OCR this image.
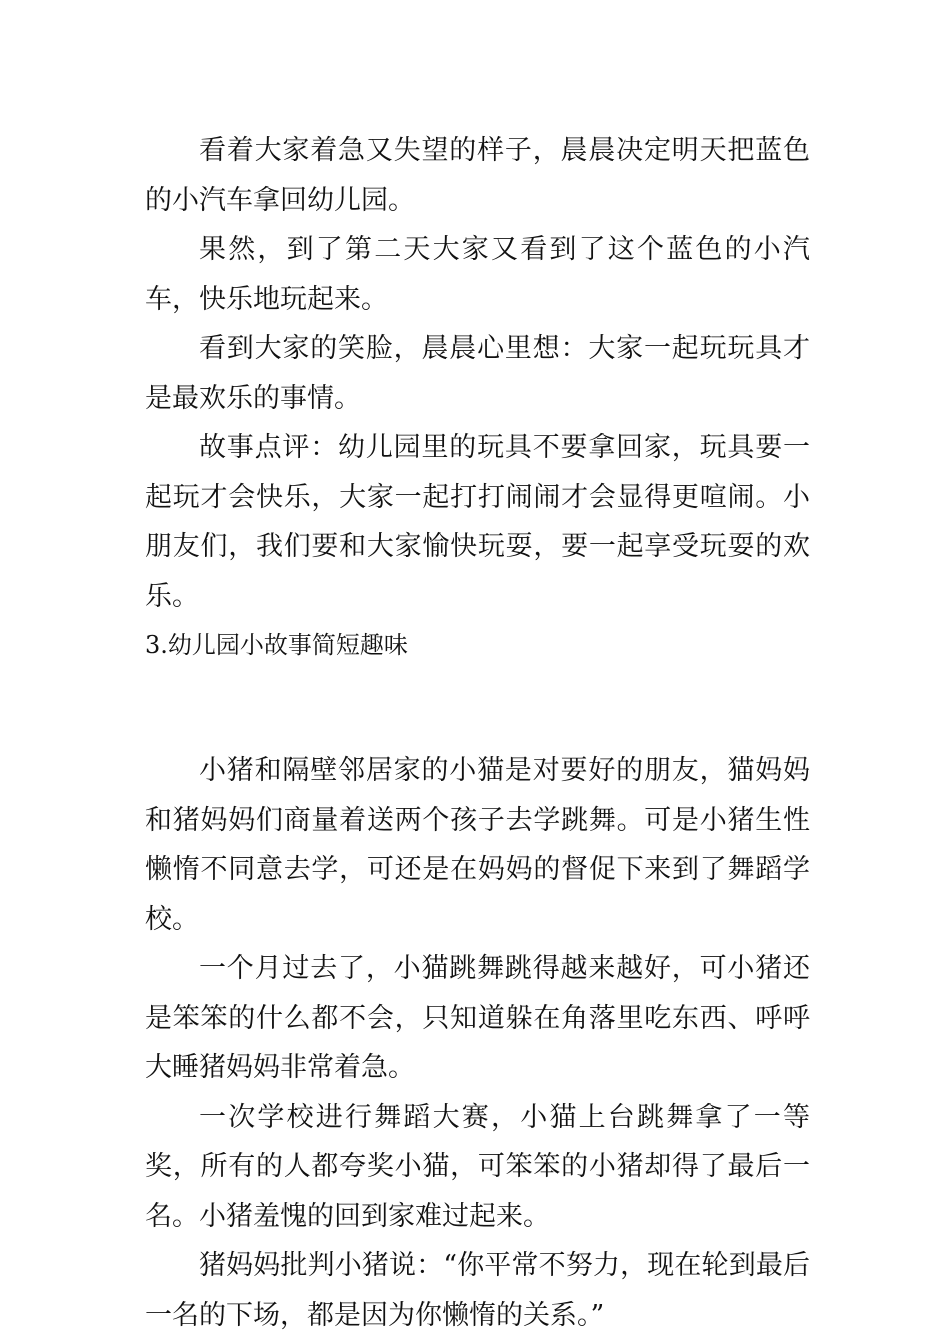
看着大家着急又失望的样子，晨晨决定明天把蓝色的小汽车拿回幼儿园。

果然，到了第二天大家又看到了这个蓝色的小汽车，快乐地玩起来。

看到大家的笑脸，晨晨心里想：大家一起玩玩具才是最欢乐的事情。

故事点评：幼儿园里的玩具不要拿回家，玩具要一起玩才会快乐，大家一起打打闹闹才会显得更喧闹。小朋友们，我们要和大家愉快玩耍，要一起享受玩耍的欢乐。

3.幼儿园小故事简短趣味

小猪和隔壁邻居家的小猫是对要好的朋友，猫妈妈和猪妈妈们商量着送两个孩子去学跳舞。可是小猪生性懒惰不同意去学，可还是在妈妈的督促下来到了舞蹈学校。

一个月过去了，小猫跳舞跳得越来越好，可小猪还是笨笨的什么都不会，只知道躲在角落里吃东西、呼呼大睡猪妈妈非常着急。

一次学校进行舞蹈大赛，小猫上台跳舞拿了一等奖，所有的人都夸奖小猫，可笨笨的小猪却得了最后一名。小猪羞愧的回到家难过起来。

猪妈妈批判小猪说：“你平常不努力，现在轮到最后一名的下场，都是因为你懒惰的关系。”
